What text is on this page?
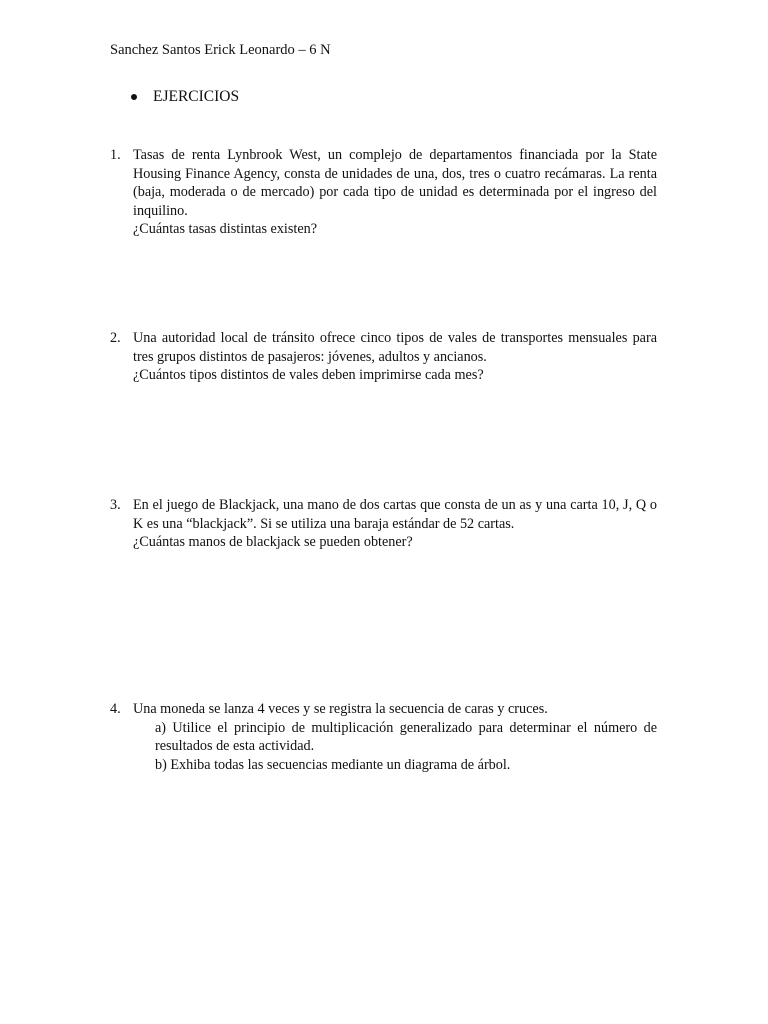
Sanchez Santos Erick Leonardo – 6 N
EJERCICIOS
1. Tasas de renta Lynbrook West, un complejo de departamentos financiada por la State Housing Finance Agency, consta de unidades de una, dos, tres o cuatro recámaras. La renta (baja, moderada o de mercado) por cada tipo de unidad es determinada por el ingreso del inquilino.

¿Cuántas tasas distintas existen?

2. Una autoridad local de tránsito ofrece cinco tipos de vales de transportes mensuales para tres grupos distintos de pasajeros: jóvenes, adultos y ancianos.

¿Cuántos tipos distintos de vales deben imprimirse cada mes?

3. En el juego de Blackjack, una mano de dos cartas que consta de un as y una carta 10, J, Q o K es una “blackjack”. Si se utiliza una baraja estándar de 52 cartas.

¿Cuántas manos de blackjack se pueden obtener?

4. Una moneda se lanza 4 veces y se registra la secuencia de caras y cruces.

a) Utilice el principio de multiplicación generalizado para determinar el número de resultados de esta actividad.

b) Exhiba todas las secuencias mediante un diagrama de árbol.
